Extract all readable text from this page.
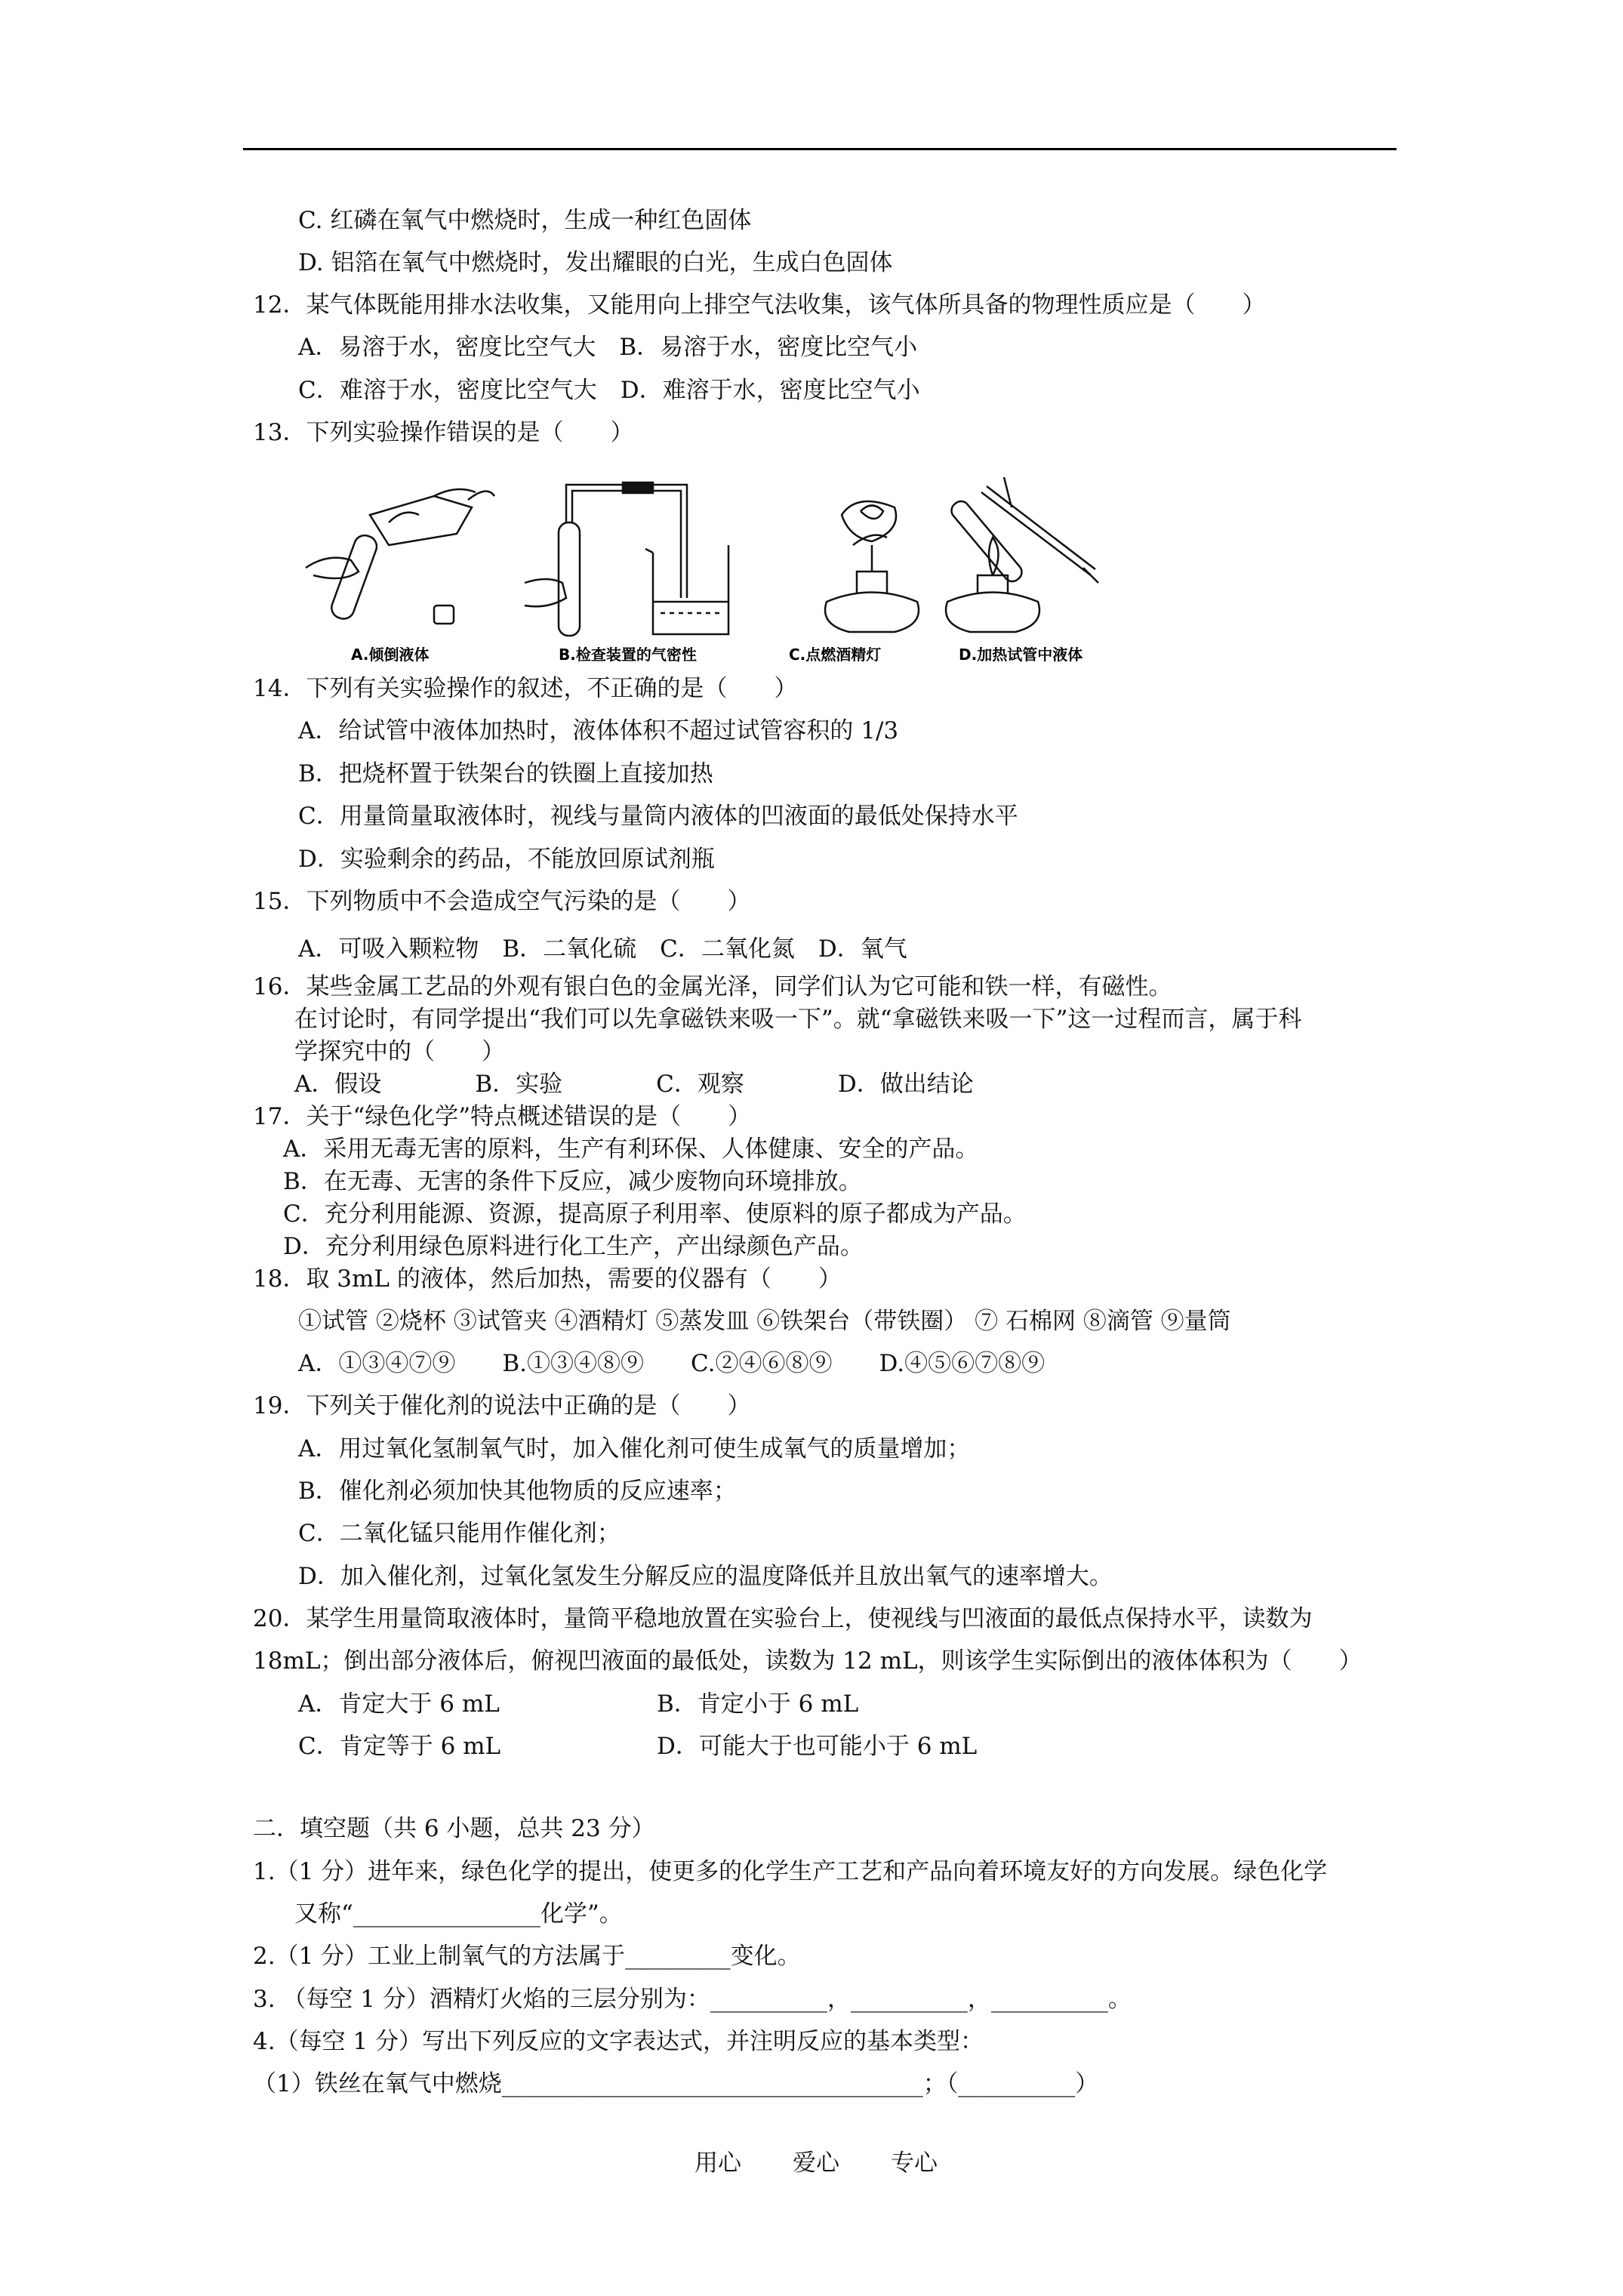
C. 红磷在氧气中燃烧时，生成一种红色固体
D. 铝箔在氧气中燃烧时，发出耀眼的白光，生成白色固体
12．某气体既能用排水法收集，又能用向上排空气法收集，该气体所具备的物理性质应是（　　）
A．易溶于水，密度比空气大　B．易溶于水，密度比空气小
C．难溶于水，密度比空气大　D．难溶于水，密度比空气小
13．下列实验操作错误的是（　　）
A.倾倒液体	B.检查装置的气密性	C.点燃酒精灯	D.加热试管中液体
14．下列有关实验操作的叙述，不正确的是（　　）
A．给试管中液体加热时，液体体积不超过试管容积的 1/3
B．把烧杯置于铁架台的铁圈上直接加热
C．用量筒量取液体时，视线与量筒内液体的凹液面的最低处保持水平
D．实验剩余的药品，不能放回原试剂瓶
15．下列物质中不会造成空气污染的是（　　）
A．可吸入颗粒物　B．二氧化硫　C．二氧化氮　D．氧气
16．某些金属工艺品的外观有银白色的金属光泽，同学们认为它可能和铁一样，有磁性。
在讨论时，有同学提出“我们可以先拿磁铁来吸一下”。就“拿磁铁来吸一下”这一过程而言，属于科
学探究中的（　　）
A．假设　　　　B．实验　　　　C．观察　　　　D．做出结论
17．关于“绿色化学”特点概述错误的是（　　）
A．采用无毒无害的原料，生产有利环保、人体健康、安全的产品。
B．在无毒、无害的条件下反应，减少废物向环境排放。
C．充分利用能源、资源，提高原子利用率、使原料的原子都成为产品。
D．充分利用绿色原料进行化工生产，产出绿颜色产品。
18．取 3mL 的液体，然后加热，需要的仪器有（　　）
①试管 ②烧杯 ③试管夹 ④酒精灯 ⑤蒸发皿 ⑥铁架台（带铁圈） ⑦ 石棉网 ⑧滴管 ⑨量筒
A．①③④⑦⑨　　B.①③④⑧⑨　　C.②④⑥⑧⑨　　D.④⑤⑥⑦⑧⑨
19．下列关于催化剂的说法中正确的是（　　）
A．用过氧化氢制氧气时，加入催化剂可使生成氧气的质量增加；
B．催化剂必须加快其他物质的反应速率；
C．二氧化锰只能用作催化剂；
D．加入催化剂，过氧化氢发生分解反应的温度降低并且放出氧气的速率增大。
20．某学生用量筒取液体时，量筒平稳地放置在实验台上，使视线与凹液面的最低点保持水平，读数为
18mL；倒出部分液体后，俯视凹液面的最低处，读数为 12 mL，则该学生实际倒出的液体体积为（　　）
A．肯定大于 6 mL	B．肯定小于 6 mL
C．肯定等于 6 mL	D．可能大于也可能小于 6 mL
二．填空题（共 6 小题，总共 23 分）
1.（1 分）进年来，绿色化学的提出，使更多的化学生产工艺和产品向着环境友好的方向发展。绿色化学
又称“________________化学”。
2.（1 分）工业上制氧气的方法属于_________变化。
3. （每空 1 分）酒精灯火焰的三层分别为：__________，__________，__________。
4.（每空 1 分）写出下列反应的文字表达式，并注明反应的基本类型：
（1）铁丝在氧气中燃烧____________________________________；（__________）
用心 爱心 专心
